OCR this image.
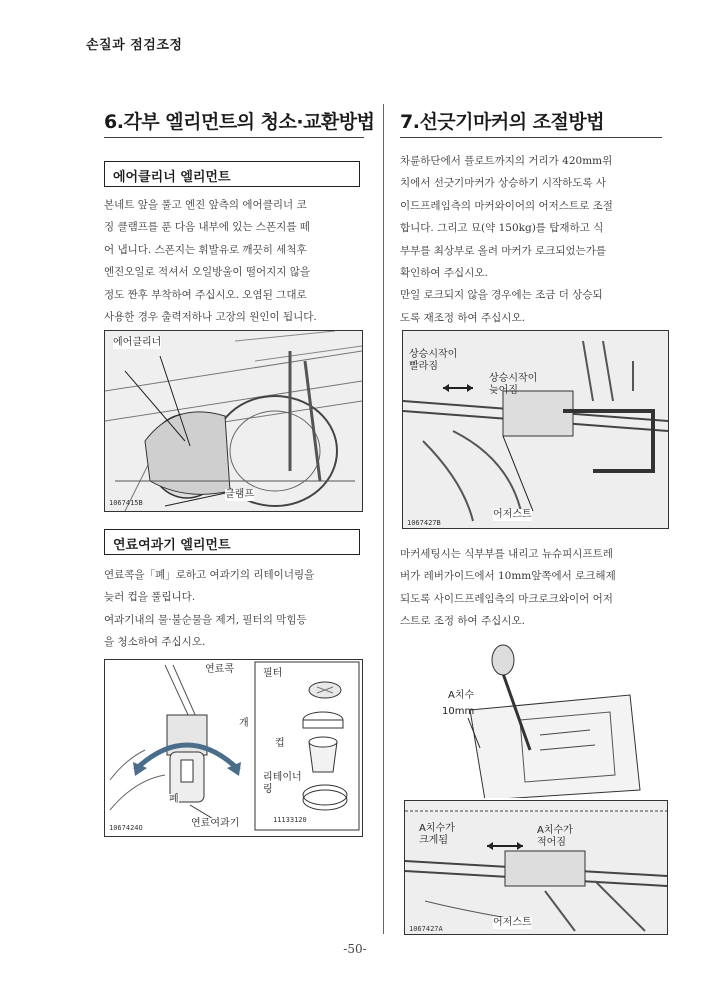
손질과 점검조정
6.각부 엘리먼트의 청소·교환방법 7.선긋기마커의 조절방법
에어클리너 엘리먼트

본네트 앞을 풀고 엔진 앞측의 에어클리너 코

징 클램프를 푼 다음 내부에 있는 스폰지를 떼

어 냅니다. 스폰지는 휘발유로 깨끗히 세척후

엔진오일로 적셔서 오일방울이 떨어지지 않을

정도 짠후 부착하여 주십시오. 오염된 그대로

사용한 경우 출력저하나 고장의 원인이 됩니다.

에어클리너
클램프
1067415B
연료여과기 엘리먼트

연료콕을「폐」로하고 여과기의 리테이너링을

늦러 컵을 풀립니다.

여과기내의 물·불순물을 제거, 필터의 막힘등

을 청소하여 주십시오.

연료콕
개
폐
연료여과기
필터
컵
리테이너
링
1067424O
11133120

차륜하단에서 플로트까지의 거리가 420mm위

치에서 선긋기마커가 상승하기 시작하도록 사

이드프레임측의 마커와이어의 어저스트로 조절

합니다. 그리고 묘(약 150kg)를 탑재하고 식

부부를 최상부로 올려 마커가 로크되었는가를

확인하여 주십시오.

만일 로크되지 않을 경우에는 조금 더 상승되

도록 재조정 하여 주십시오.

상승시작이
빨라짐
상승시작이
늦어짐
어저스트
1067427B

마커세팅시는 식부부를 내리고 뉴슈피시프트레

버가 레버가이드에서 10mm앞쪽에서 로크해제

되도록 사이드프레임측의 마크로크와이어 어저

스트로 조정 하여 주십시오.

A치수
10mm
A치수가
크게됨
A치수가
적어짐
어저스트
1067427A
-50-
